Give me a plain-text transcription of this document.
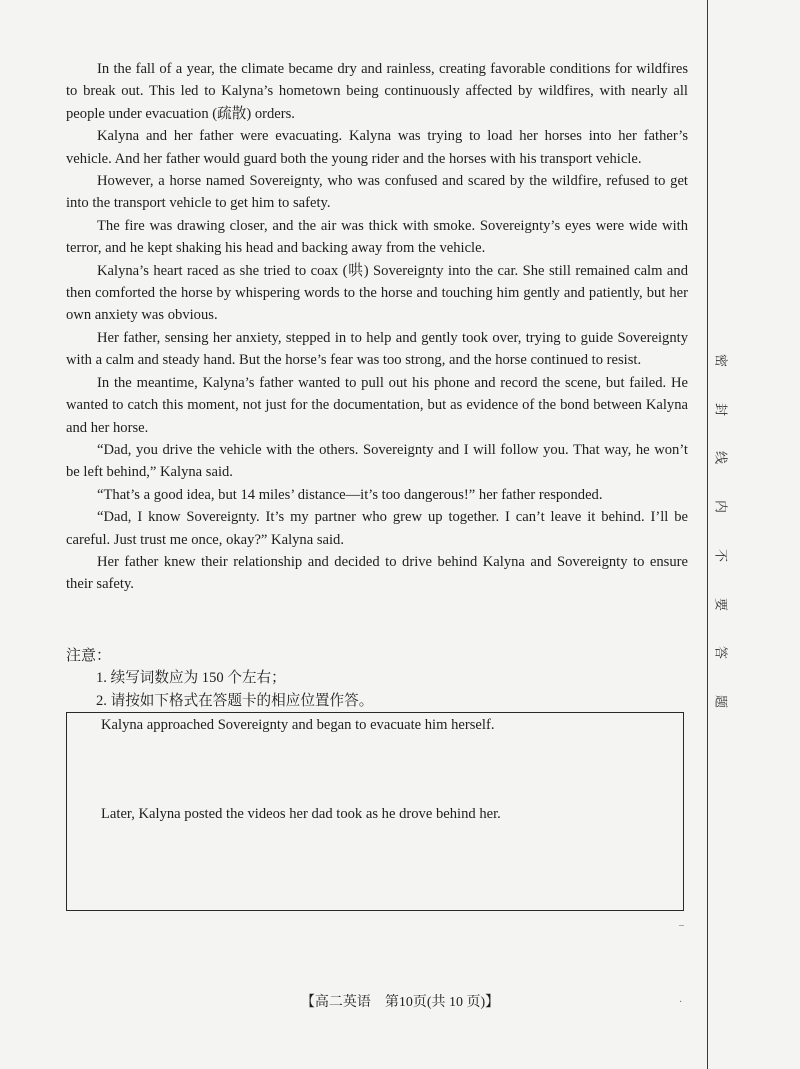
In the fall of a year, the climate became dry and rainless, creating favorable conditions for wildfires to break out. This led to Kalyna’s hometown being continuously affected by wildfires, with nearly all people under evacuation (疏散) orders.

Kalyna and her father were evacuating. Kalyna was trying to load her horses into her father’s vehicle. And her father would guard both the young rider and the horses with his transport vehicle.

However, a horse named Sovereignty, who was confused and scared by the wildfire, refused to get into the transport vehicle to get him to safety.

The fire was drawing closer, and the air was thick with smoke. Sovereignty’s eyes were wide with terror, and he kept shaking his head and backing away from the vehicle.

Kalyna’s heart raced as she tried to coax (哄) Sovereignty into the car. She still remained calm and then comforted the horse by whispering words to the horse and touching him gently and patiently, but her own anxiety was obvious.

Her father, sensing her anxiety, stepped in to help and gently took over, trying to guide Sovereignty with a calm and steady hand. But the horse’s fear was too strong, and the horse continued to resist.

In the meantime, Kalyna’s father wanted to pull out his phone and record the scene, but failed. He wanted to catch this moment, not just for the documentation, but as evidence of the bond between Kalyna and her horse.

“Dad, you drive the vehicle with the others. Sovereignty and I will follow you. That way, he won’t be left behind,” Kalyna said.

“That’s a good idea, but 14 miles’ distance—it’s too dangerous!” her father responded.

“Dad, I know Sovereignty. It’s my partner who grew up together. I can’t leave it behind. I’ll be careful. Just trust me once, okay?” Kalyna said.

Her father knew their relationship and decided to drive behind Kalyna and Sovereignty to ensure their safety.

注意：
1. 续写词数应为 150 个左右；
2. 请按如下格式在答题卡的相应位置作答。
Kalyna approached Sovereignty and began to evacuate him herself.
Later, Kalyna posted the videos her dad took as he drove behind her.
–
·
【高二英语　第10页(共 10 页)】
密
封
线
内
不
要
答
题
